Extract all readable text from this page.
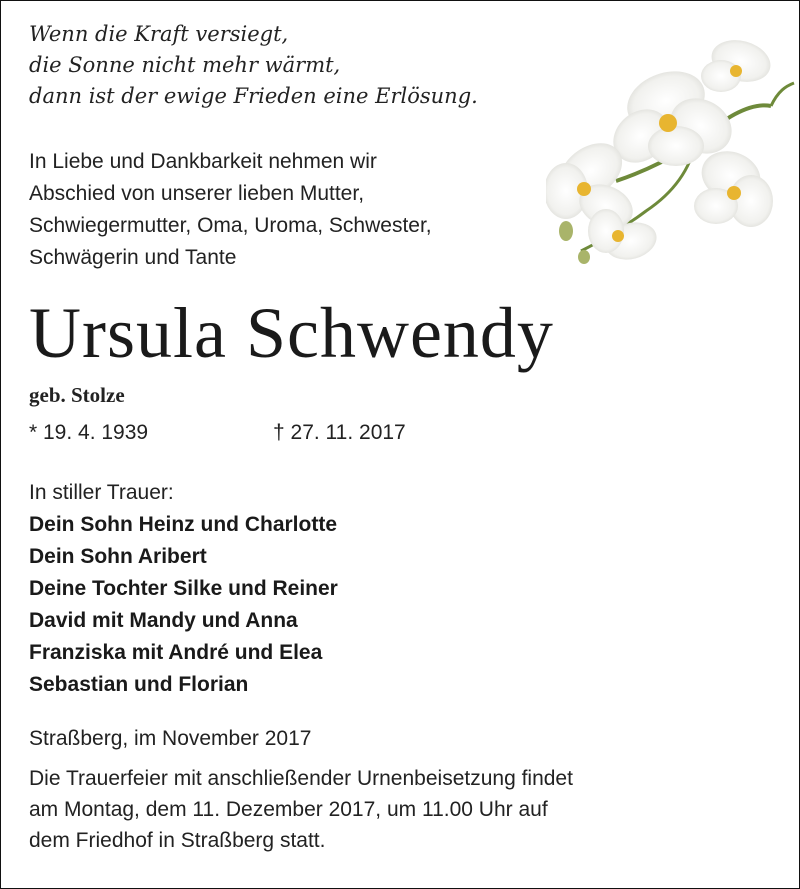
Wenn die Kraft versiegt,
die Sonne nicht mehr wärmt,
dann ist der ewige Frieden eine Erlösung.
In Liebe und Dankbarkeit nehmen wir
Abschied von unserer lieben Mutter,
Schwiegermutter, Oma, Uroma, Schwester,
Schwägerin und Tante
Ursula Schwendy
geb. Stolze
* 19. 4. 1939	† 27. 11. 2017
In stiller Trauer:
Dein Sohn Heinz und Charlotte
Dein Sohn Aribert
Deine Tochter Silke und Reiner
David mit Mandy und Anna
Franziska mit André und Elea
Sebastian und Florian
Straßberg, im November 2017
Die Trauerfeier mit anschließender Urnenbeisetzung findet
am Montag, dem 11. Dezember 2017, um 11.00 Uhr auf
dem Friedhof in Straßberg statt.
